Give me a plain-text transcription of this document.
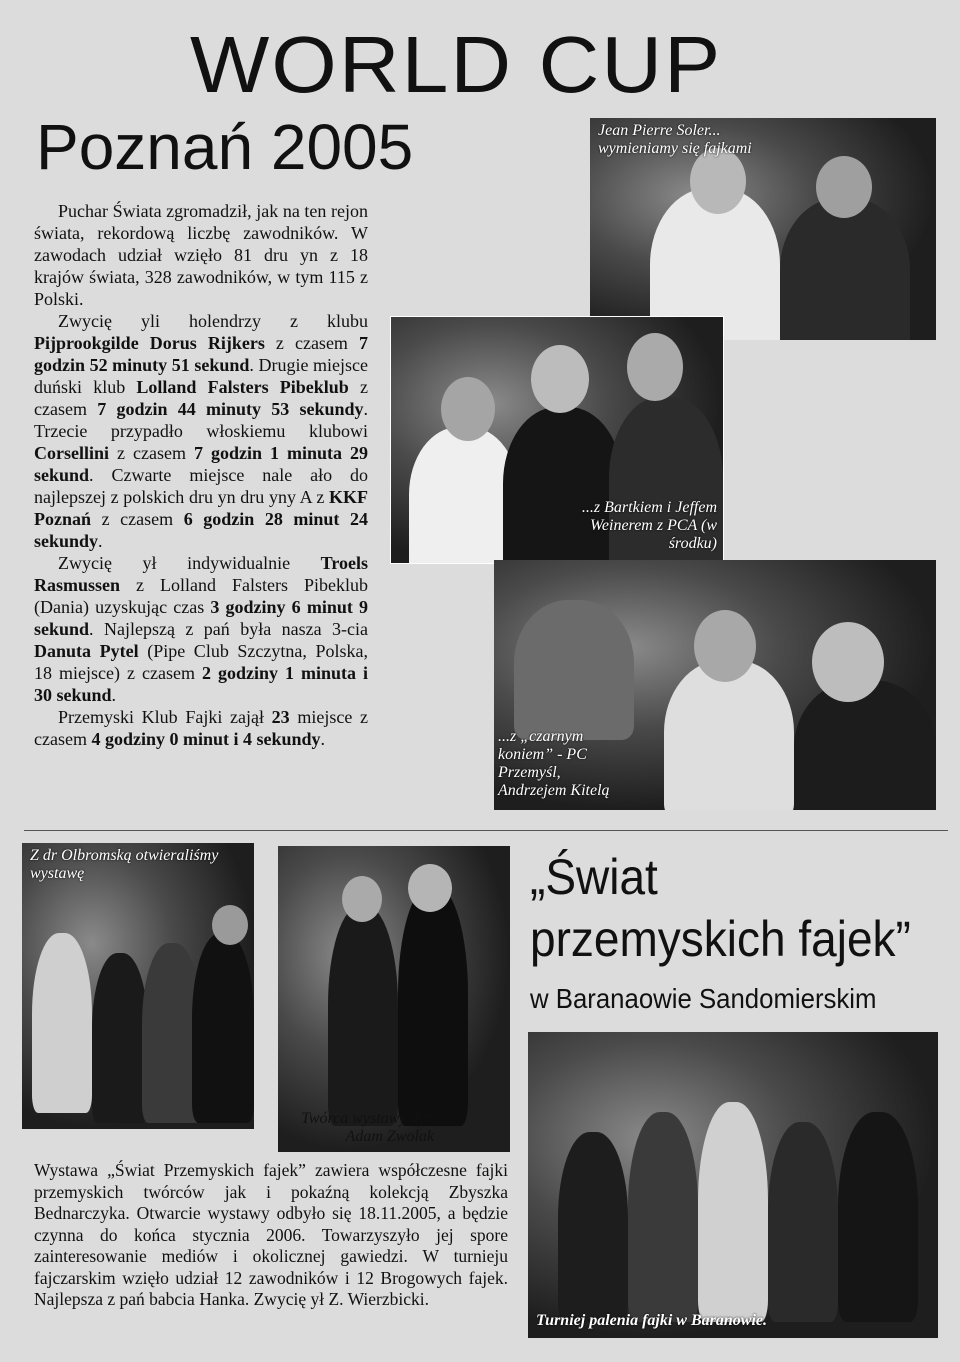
WORLD CUP
Poznań 2005

Puchar Świata zgromadził, jak na ten rejon świata, rekordową liczbę zawodników. W zawodach udział wzięło 81 dru yn z 18 krajów świata, 328 zawodników, w tym 115 z Polski.

Zwycię yli holendrzy z klubu Pijprookgilde Dorus Rijkers z czasem 7 godzin 52 minuty 51 sekund. Drugie miejsce duński klub Lolland Falsters Pibeklub z czasem 7 godzin 44 minuty 53 sekundy. Trzecie przypadło włoskiemu klubowi Corsellini z czasem 7 godzin 1 minuta 29 sekund. Czwarte miejsce nale ało do najlepszej z polskich dru yn dru yny A z KKF Poznań z czasem 6 godzin 28 minut 24 sekundy.

Zwycię ył indywidualnie Troels Rasmussen z Lolland Falsters Pibeklub (Dania) uzyskując czas 3 godziny 6 minut 9 sekund. Najlepszą z pań była nasza 3-cia Danuta Pytel (Pipe Club Szczytna, Polska, 18 miejsce) z czasem 2 godziny 1 minuta i 30 sekund.

Przemyski Klub Fajki zajął 23 miejsce z czasem 4 godziny 0 minut i 4 sekundy.

Jean Pierre Soler... wymieniamy się fajkami
...z Bartkiem i Jeffem Weinerem z PCA (w środku)
...z „czarnym koniem” - PC Przemyśl, Andrzejem Kitelą
Z dr Olbromską otwieraliśmy wystawę
Twórca wystawy dyr. Adam Zwolak
„Świat
przemyskich fajek”
w Baranaowie Sandomierskim
Turniej palenia fajki w Baranowie.
Wystawa „Świat Przemyskich fajek” zawiera współczesne fajki przemyskich twórców jak i pokaźną kolekcją Zbyszka Bednarczyka. Otwarcie wystawy odbyło się 18.11.2005, a będzie czynna do końca stycznia 2006. Towarzyszyło jej spore zainteresowanie mediów i okolicznej gawiedzi. W turnieju fajczarskim wzięło udział 12 zawodników i 12 Brogowych fajek. Najlepsza z pań babcia Hanka. Zwycię ył Z. Wierzbicki.
